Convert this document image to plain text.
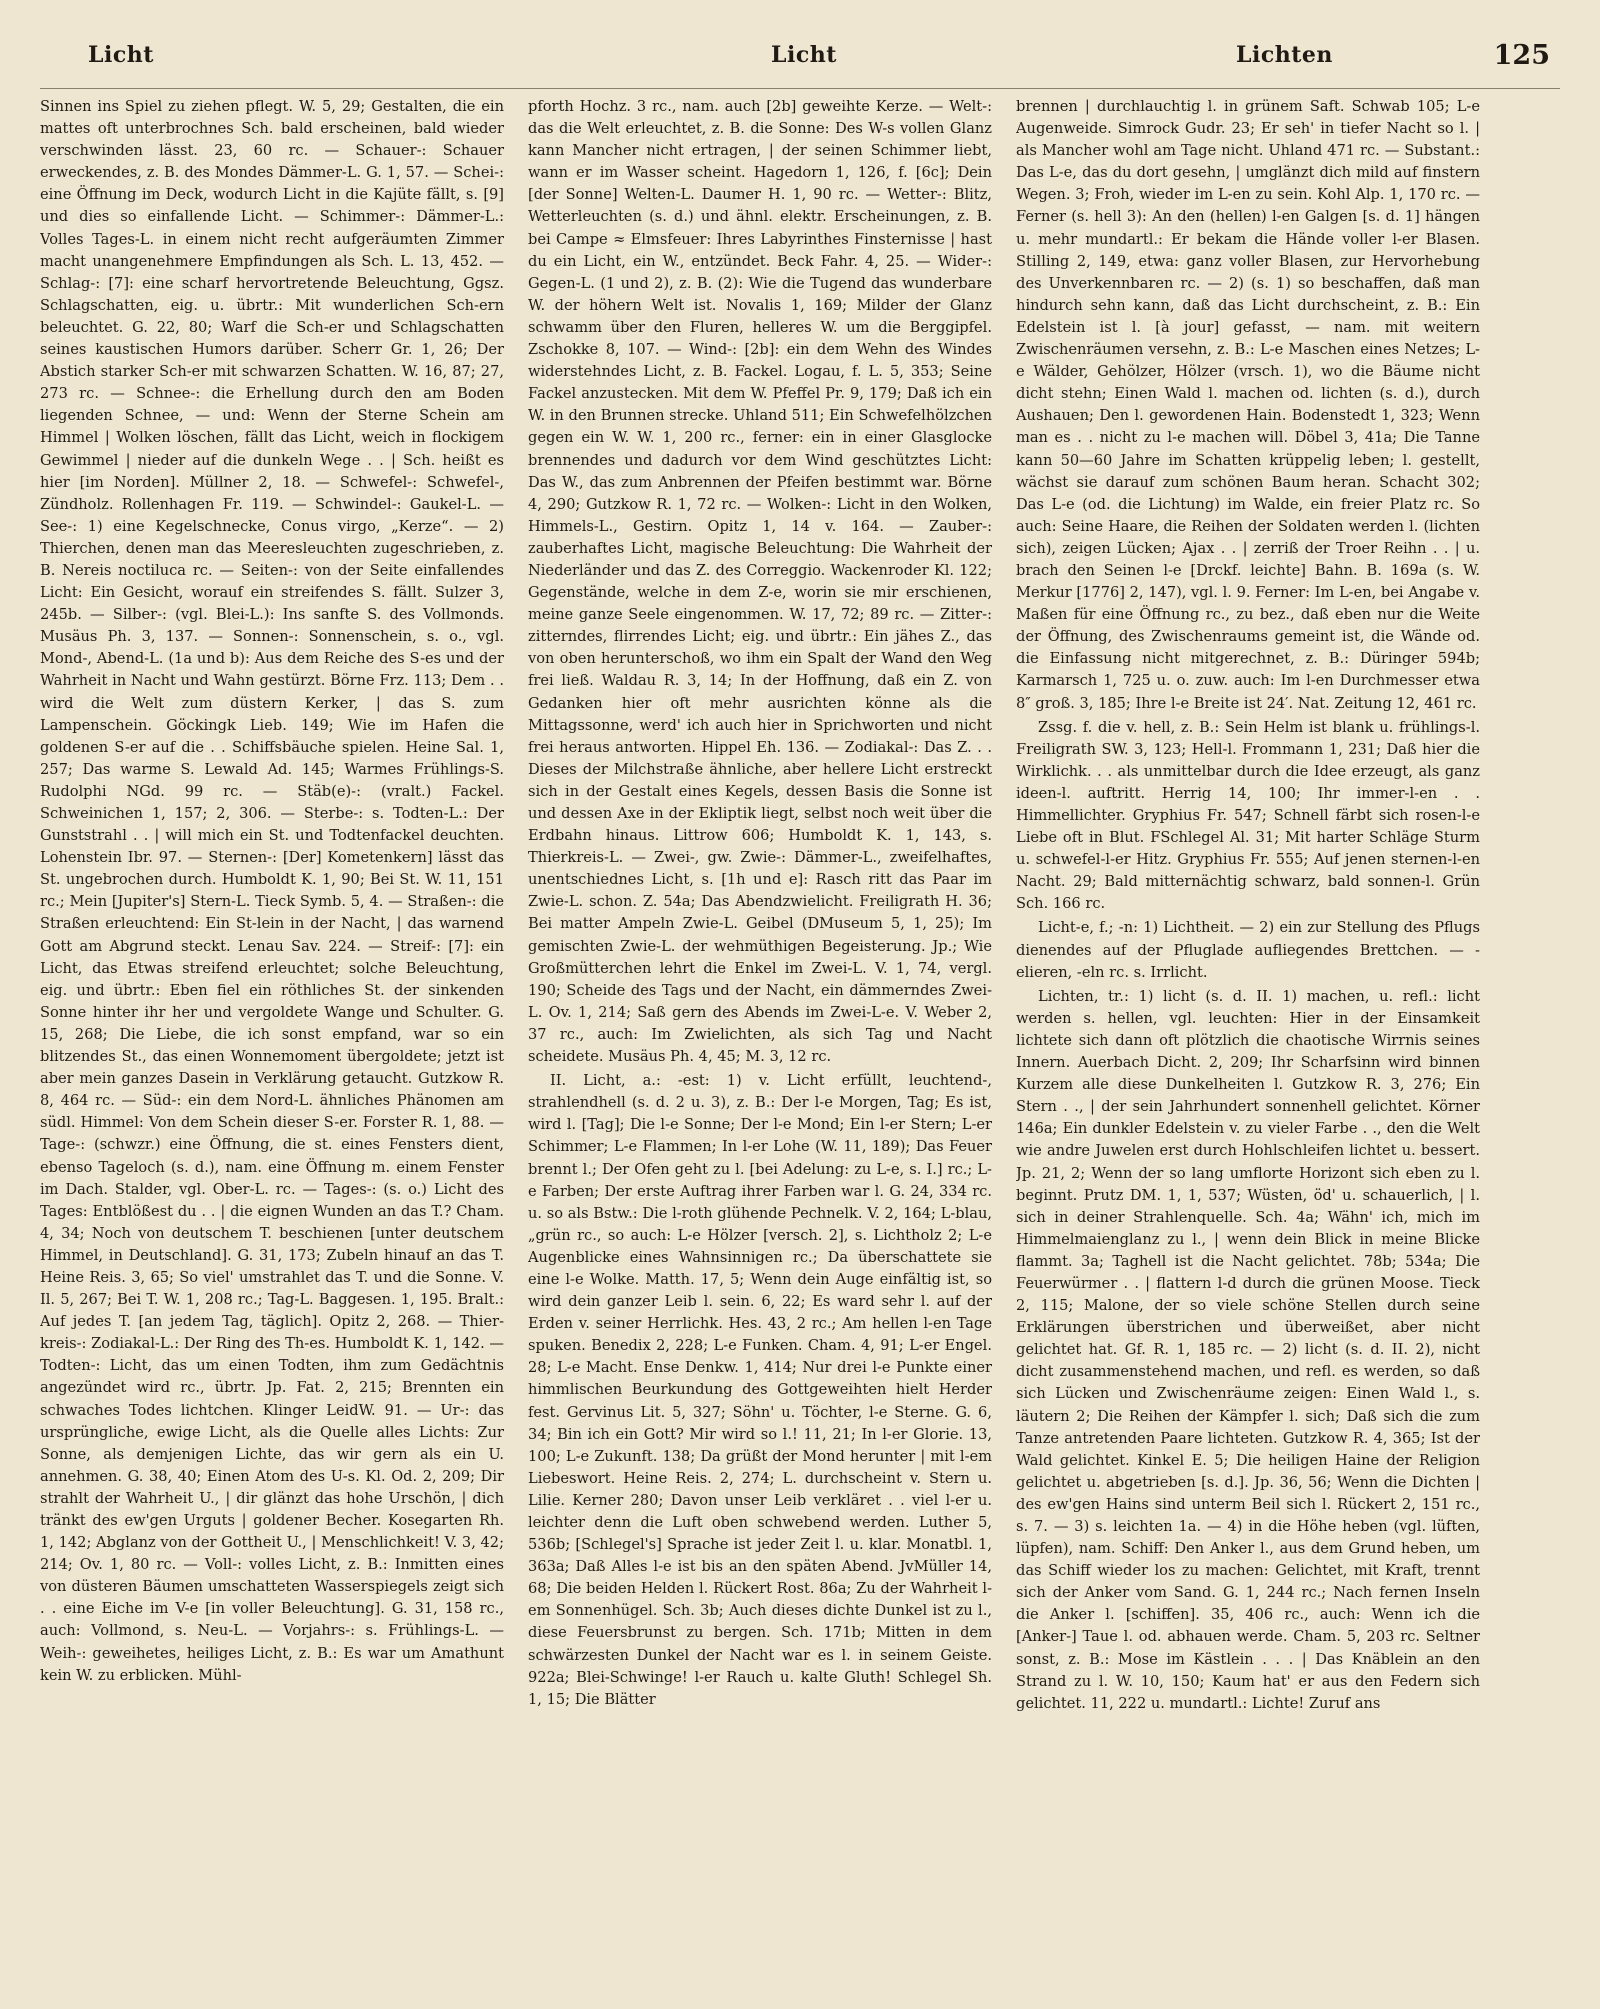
Licht	Licht	Lichten	125

Sinnen ins Spiel zu ziehen pflegt. W. 5, 29; Gestalten, die ein mattes oft unterbrochnes Sch. bald erscheinen, bald wieder verschwinden lässt. 23, 60 rc. — Schauer-: Schauer erweckendes, z. B. des Mondes Dämmer-L. G. 1, 57. — Schei-: eine Öffnung im Deck, wodurch Licht in die Kajüte fällt, s. [9] und dies so einfallende Licht. — Schimmer-: Dämmer-L.: Volles Tages-L. in einem nicht recht aufgeräumten Zimmer macht unangenehmere Empfindungen als Sch. L. 13, 452. — Schlag-: [7]: eine scharf hervortretende Beleuchtung, Ggsz. Schlagschatten, eig. u. übrtr.: Mit wunderlichen Sch-ern beleuchtet. G. 22, 80; Warf die Sch-er und Schlagschatten seines kaustischen Humors darüber. Scherr Gr. 1, 26; Der Abstich starker Sch-er mit schwarzen Schatten. W. 16, 87; 27, 273 rc. — Schnee-: die Erhellung durch den am Boden liegenden Schnee, — und: Wenn der Sterne Schein am Himmel | Wolken löschen, fällt das Licht, weich in flockigem Gewimmel | nieder auf die dunkeln Wege . . | Sch. heißt es hier [im Norden]. Müllner 2, 18. — Schwefel-: Schwefel-, Zündholz. Rollenhagen Fr. 119. — Schwindel-: Gaukel-L. — See-: 1) eine Kegelschnecke, Conus virgo, „Kerze“. — 2) Thierchen, denen man das Meeresleuchten zugeschrieben, z. B. Nereis noctiluca rc. — Seiten-: von der Seite einfallendes Licht: Ein Gesicht, worauf ein streifendes S. fällt. Sulzer 3, 245b. — Silber-: (vgl. Blei-L.): Ins sanfte S. des Vollmonds. Musäus Ph. 3, 137. — Sonnen-: Sonnenschein, s. o., vgl. Mond-, Abend-L. (1a und b): Aus dem Reiche des S-es und der Wahrheit in Nacht und Wahn gestürzt. Börne Frz. 113; Dem . . wird die Welt zum düstern Kerker, | das S. zum Lampenschein. Göckingk Lieb. 149; Wie im Hafen die goldenen S-er auf die . . Schiffsbäuche spielen. Heine Sal. 1, 257; Das warme S. Lewald Ad. 145; Warmes Frühlings-S. Rudolphi NGd. 99 rc. — Stäb(e)-: (vralt.) Fackel. Schweinichen 1, 157; 2, 306. — Sterbe-: s. Todten-L.: Der Gunststrahl . . | will mich ein St. und Todtenfackel deuchten. Lohenstein Ibr. 97. — Sternen-: [Der] Kometenkern] lässt das St. ungebrochen durch. Humboldt K. 1, 90; Bei St. W. 11, 151 rc.; Mein [Jupiter's] Stern-L. Tieck Symb. 5, 4. — Straßen-: die Straßen erleuchtend: Ein St-lein in der Nacht, | das warnend Gott am Abgrund steckt. Lenau Sav. 224. — Streif-: [7]: ein Licht, das Etwas streifend erleuchtet; solche Beleuchtung, eig. und übrtr.: Eben fiel ein röthliches St. der sinkenden Sonne hinter ihr her und vergoldete Wange und Schulter. G. 15, 268; Die Liebe, die ich sonst empfand, war so ein blitzendes St., das einen Wonnemoment übergoldete; jetzt ist aber mein ganzes Dasein in Verklärung getaucht. Gutzkow R. 8, 464 rc. — Süd-: ein dem Nord-L. ähnliches Phänomen am südl. Himmel: Von dem Schein dieser S-er. Forster R. 1, 88. — Tage-: (schwzr.) eine Öffnung, die st. eines Fensters dient, ebenso Tageloch (s. d.), nam. eine Öffnung m. einem Fenster im Dach. Stalder, vgl. Ober-L. rc. — Tages-: (s. o.) Licht des Tages: Entblößest du . . | die eignen Wunden an das T.? Cham. 4, 34; Noch von deutschem T. beschienen [unter deutschem Himmel, in Deutschland]. G. 31, 173; Zubeln hinauf an das T. Heine Reis. 3, 65; So viel' umstrahlet das T. und die Sonne. V. Il. 5, 267; Bei T. W. 1, 208 rc.; Tag-L. Baggesen. 1, 195. Bralt.: Auf jedes T. [an jedem Tag, täglich]. Opitz 2, 268. — Thier-kreis-: Zodiakal-L.: Der Ring des Th-es. Humboldt K. 1, 142. — Todten-: Licht, das um einen Todten, ihm zum Gedächtnis angezündet wird rc., übrtr. Jp. Fat. 2, 215; Brennten ein schwaches Todes lichtchen. Klinger LeidW. 91. — Ur-: das ursprüngliche, ewige Licht, als die Quelle alles Lichts: Zur Sonne, als demjenigen Lichte, das wir gern als ein U. annehmen. G. 38, 40; Einen Atom des U-s. Kl. Od. 2, 209; Dir strahlt der Wahrheit U., | dir glänzt das hohe Urschön, | dich tränkt des ew'gen Urguts | goldener Becher. Kosegarten Rh. 1, 142; Abglanz von der Gottheit U., | Menschlichkeit! V. 3, 42; 214; Ov. 1, 80 rc. — Voll-: volles Licht, z. B.: Inmitten eines von düsteren Bäumen umschatteten Wasserspiegels zeigt sich . . eine Eiche im V-e [in voller Beleuchtung]. G. 31, 158 rc., auch: Vollmond, s. Neu-L. — Vorjahrs-: s. Frühlings-L. — Weih-: geweihetes, heiliges Licht, z. B.: Es war um Amathunt kein W. zu erblicken. Mühl-

pforth Hochz. 3 rc., nam. auch [2b] geweihte Kerze. — Welt-: das die Welt erleuchtet, z. B. die Sonne: Des W-s vollen Glanz kann Mancher nicht ertragen, | der seinen Schimmer liebt, wann er im Wasser scheint. Hagedorn 1, 126, f. [6c]; Dein [der Sonne] Welten-L. Daumer H. 1, 90 rc. — Wetter-: Blitz, Wetterleuchten (s. d.) und ähnl. elektr. Erscheinungen, z. B. bei Campe ≈ Elmsfeuer: Ihres Labyrinthes Finsternisse | hast du ein Licht, ein W., entzündet. Beck Fahr. 4, 25. — Wider-: Gegen-L. (1 und 2), z. B. (2): Wie die Tugend das wunderbare W. der höhern Welt ist. Novalis 1, 169; Milder der Glanz schwamm über den Fluren, helleres W. um die Berggipfel. Zschokke 8, 107. — Wind-: [2b]: ein dem Wehn des Windes widerstehndes Licht, z. B. Fackel. Logau, f. L. 5, 353; Seine Fackel anzustecken. Mit dem W. Pfeffel Pr. 9, 179; Daß ich ein W. in den Brunnen strecke. Uhland 511; Ein Schwefelhölzchen gegen ein W. W. 1, 200 rc., ferner: ein in einer Glasglocke brennendes und dadurch vor dem Wind geschütztes Licht: Das W., das zum Anbrennen der Pfeifen bestimmt war. Börne 4, 290; Gutzkow R. 1, 72 rc. — Wolken-: Licht in den Wolken, Himmels-L., Gestirn. Opitz 1, 14 v. 164. — Zauber-: zauberhaftes Licht, magische Beleuchtung: Die Wahrheit der Niederländer und das Z. des Correggio. Wackenroder Kl. 122; Gegenstände, welche in dem Z-e, worin sie mir erschienen, meine ganze Seele eingenommen. W. 17, 72; 89 rc. — Zitter-: zitterndes, flirrendes Licht; eig. und übrtr.: Ein jähes Z., das von oben herunterschoß, wo ihm ein Spalt der Wand den Weg frei ließ. Waldau R. 3, 14; In der Hoffnung, daß ein Z. von Gedanken hier oft mehr ausrichten könne als die Mittagssonne, werd' ich auch hier in Sprichworten und nicht frei heraus antworten. Hippel Eh. 136. — Zodiakal-: Das Z. . . Dieses der Milchstraße ähnliche, aber hellere Licht erstreckt sich in der Gestalt eines Kegels, dessen Basis die Sonne ist und dessen Axe in der Ekliptik liegt, selbst noch weit über die Erdbahn hinaus. Littrow 606; Humboldt K. 1, 143, s. Thierkreis-L. — Zwei-, gw. Zwie-: Dämmer-L., zweifelhaftes, unentschiednes Licht, s. [1h und e]: Rasch ritt das Paar im Zwie-L. schon. Z. 54a; Das Abendzwielicht. Freiligrath H. 36; Bei matter Ampeln Zwie-L. Geibel (DMuseum 5, 1, 25); Im gemischten Zwie-L. der wehmüthigen Begeisterung. Jp.; Wie Großmütterchen lehrt die Enkel im Zwei-L. V. 1, 74, vergl. 190; Scheide des Tags und der Nacht, ein dämmerndes Zwei-L. Ov. 1, 214; Saß gern des Abends im Zwei-L-e. V. Weber 2, 37 rc., auch: Im Zwielichten, als sich Tag und Nacht scheidete. Musäus Ph. 4, 45; M. 3, 12 rc.

II. Licht, a.: -est: 1) v. Licht erfüllt, leuchtend-, strahlendhell (s. d. 2 u. 3), z. B.: Der l-e Morgen, Tag; Es ist, wird l. [Tag]; Die l-e Sonne; Der l-e Mond; Ein l-er Stern; L-er Schimmer; L-e Flammen; In l-er Lohe (W. 11, 189); Das Feuer brennt l.; Der Ofen geht zu l. [bei Adelung: zu L-e, s. I.] rc.; L-e Farben; Der erste Auftrag ihrer Farben war l. G. 24, 334 rc. u. so als Bstw.: Die l-roth glühende Pechnelk. V. 2, 164; L-blau, „grün rc., so auch: L-e Hölzer [versch. 2], s. Lichtholz 2; L-e Augenblicke eines Wahnsinnigen rc.; Da überschattete sie eine l-e Wolke. Matth. 17, 5; Wenn dein Auge einfältig ist, so wird dein ganzer Leib l. sein. 6, 22; Es ward sehr l. auf der Erden v. seiner Herrlichk. Hes. 43, 2 rc.; Am hellen l-en Tage spuken. Benedix 2, 228; L-e Funken. Cham. 4, 91; L-er Engel. 28; L-e Macht. Ense Denkw. 1, 414; Nur drei l-e Punkte einer himmlischen Beurkundung des Gottgeweihten hielt Herder fest. Gervinus Lit. 5, 327; Söhn' u. Töchter, l-e Sterne. G. 6, 34; Bin ich ein Gott? Mir wird so l.! 11, 21; In l-er Glorie. 13, 100; L-e Zukunft. 138; Da grüßt der Mond herunter | mit l-em Liebeswort. Heine Reis. 2, 274; L. durchscheint v. Stern u. Lilie. Kerner 280; Davon unser Leib verkläret . . viel l-er u. leichter denn die Luft oben schwebend werden. Luther 5, 536b; [Schlegel's] Sprache ist jeder Zeit l. u. klar. Monatbl. 1, 363a; Daß Alles l-e ist bis an den späten Abend. JvMüller 14, 68; Die beiden Helden l. Rückert Rost. 86a; Zu der Wahrheit l-em Sonnenhügel. Sch. 3b; Auch dieses dichte Dunkel ist zu l., diese Feuersbrunst zu bergen. Sch. 171b; Mitten in dem schwärzesten Dunkel der Nacht war es l. in seinem Geiste. 922a; Blei-Schwinge! l-er Rauch u. kalte Gluth! Schlegel Sh. 1, 15; Die Blätter

brennen | durchlauchtig l. in grünem Saft. Schwab 105; L-e Augenweide. Simrock Gudr. 23; Er seh' in tiefer Nacht so l. | als Mancher wohl am Tage nicht. Uhland 471 rc. — Substant.: Das L-e, das du dort gesehn, | umglänzt dich mild auf finstern Wegen. 3; Froh, wieder im L-en zu sein. Kohl Alp. 1, 170 rc. — Ferner (s. hell 3): An den (hellen) l-en Galgen [s. d. 1] hängen u. mehr mundartl.: Er bekam die Hände voller l-er Blasen. Stilling 2, 149, etwa: ganz voller Blasen, zur Hervorhebung des Unverkennbaren rc. — 2) (s. 1) so beschaffen, daß man hindurch sehn kann, daß das Licht durchscheint, z. B.: Ein Edelstein ist l. [à jour] gefasst, — nam. mit weitern Zwischenräumen versehn, z. B.: L-e Maschen eines Netzes; L-e Wälder, Gehölzer, Hölzer (vrsch. 1), wo die Bäume nicht dicht stehn; Einen Wald l. machen od. lichten (s. d.), durch Aushauen; Den l. gewordenen Hain. Bodenstedt 1, 323; Wenn man es . . nicht zu l-e machen will. Döbel 3, 41a; Die Tanne kann 50—60 Jahre im Schatten krüppelig leben; l. gestellt, wächst sie darauf zum schönen Baum heran. Schacht 302; Das L-e (od. die Lichtung) im Walde, ein freier Platz rc. So auch: Seine Haare, die Reihen der Soldaten werden l. (lichten sich), zeigen Lücken; Ajax . . | zerriß der Troer Reihn . . | u. brach den Seinen l-e [Drckf. leichte] Bahn. B. 169a (s. W. Merkur [1776] 2, 147), vgl. l. 9. Ferner: Im L-en, bei Angabe v. Maßen für eine Öffnung rc., zu bez., daß eben nur die Weite der Öffnung, des Zwischenraums gemeint ist, die Wände od. die Einfassung nicht mitgerechnet, z. B.: Düringer 594b; Karmarsch 1, 725 u. o. zuw. auch: Im l-en Durchmesser etwa 8″ groß. 3, 185; Ihre l-e Breite ist 24′. Nat. Zeitung 12, 461 rc.

Zssg. f. die v. hell, z. B.: Sein Helm ist blank u. frühlings-l. Freiligrath SW. 3, 123; Hell-l. Frommann 1, 231; Daß hier die Wirklichk. . . als unmittelbar durch die Idee erzeugt, als ganz ideen-l. auftritt. Herrig 14, 100; Ihr immer-l-en . . Himmellichter. Gryphius Fr. 547; Schnell färbt sich rosen-l-e Liebe oft in Blut. FSchlegel Al. 31; Mit harter Schläge Sturm u. schwefel-l-er Hitz. Gryphius Fr. 555; Auf jenen sternen-l-en Nacht. 29; Bald mitternächtig schwarz, bald sonnen-l. Grün Sch. 166 rc.

Licht-e, f.; -n: 1) Lichtheit. — 2) ein zur Stellung des Pflugs dienendes auf der Pfluglade aufliegendes Brettchen. — -elieren, -eln rc. s. Irrlicht.

Lichten, tr.: 1) licht (s. d. II. 1) machen, u. refl.: licht werden s. hellen, vgl. leuchten: Hier in der Einsamkeit lichtete sich dann oft plötzlich die chaotische Wirrnis seines Innern. Auerbach Dicht. 2, 209; Ihr Scharfsinn wird binnen Kurzem alle diese Dunkelheiten l. Gutzkow R. 3, 276; Ein Stern . ., | der sein Jahrhundert sonnenhell gelichtet. Körner 146a; Ein dunkler Edelstein v. zu vieler Farbe . ., den die Welt wie andre Juwelen erst durch Hohlschleifen lichtet u. bessert. Jp. 21, 2; Wenn der so lang umflorte Horizont sich eben zu l. beginnt. Prutz DM. 1, 1, 537; Wüsten, öd' u. schauerlich, | l. sich in deiner Strahlenquelle. Sch. 4a; Wähn' ich, mich im Himmelmaienglanz zu l., | wenn dein Blick in meine Blicke flammt. 3a; Taghell ist die Nacht gelichtet. 78b; 534a; Die Feuerwürmer . . | flattern l-d durch die grünen Moose. Tieck 2, 115; Malone, der so viele schöne Stellen durch seine Erklärungen überstrichen und überweißet, aber nicht gelichtet hat. Gf. R. 1, 185 rc. — 2) licht (s. d. II. 2), nicht dicht zusammenstehend machen, und refl. es werden, so daß sich Lücken und Zwischenräume zeigen: Einen Wald l., s. läutern 2; Die Reihen der Kämpfer l. sich; Daß sich die zum Tanze antretenden Paare lichteten. Gutzkow R. 4, 365; Ist der Wald gelichtet. Kinkel E. 5; Die heiligen Haine der Religion gelichtet u. abgetrieben [s. d.]. Jp. 36, 56; Wenn die Dichten | des ew'gen Hains sind unterm Beil sich l. Rückert 2, 151 rc., s. 7. — 3) s. leichten 1a. — 4) in die Höhe heben (vgl. lüften, lüpfen), nam. Schiff: Den Anker l., aus dem Grund heben, um das Schiff wieder los zu machen: Gelichtet, mit Kraft, trennt sich der Anker vom Sand. G. 1, 244 rc.; Nach fernen Inseln die Anker l. [schiffen]. 35, 406 rc., auch: Wenn ich die [Anker-] Taue l. od. abhauen werde. Cham. 5, 203 rc. Seltner sonst, z. B.: Mose im Kästlein . . . | Das Knäblein an den Strand zu l. W. 10, 150; Kaum hat' er aus den Federn sich gelichtet. 11, 222 u. mundartl.: Lichte! Zuruf ans
